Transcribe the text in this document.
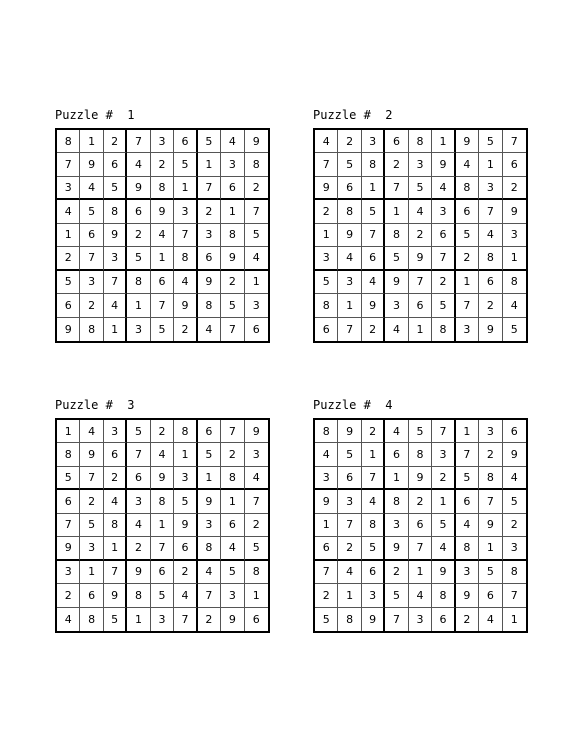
Puzzle #  1
8	1	2	7	3	6	5	4	9
7	9	6	4	2	5	1	3	8
3	4	5	9	8	1	7	6	2
4	5	8	6	9	3	2	1	7
1	6	9	2	4	7	3	8	5
2	7	3	5	1	8	6	9	4
5	3	7	8	6	4	9	2	1
6	2	4	1	7	9	8	5	3
9	8	1	3	5	2	4	7	6
Puzzle #  2
4	2	3	6	8	1	9	5	7
7	5	8	2	3	9	4	1	6
9	6	1	7	5	4	8	3	2
2	8	5	1	4	3	6	7	9
1	9	7	8	2	6	5	4	3
3	4	6	5	9	7	2	8	1
5	3	4	9	7	2	1	6	8
8	1	9	3	6	5	7	2	4
6	7	2	4	1	8	3	9	5
Puzzle #  3
1	4	3	5	2	8	6	7	9
8	9	6	7	4	1	5	2	3
5	7	2	6	9	3	1	8	4
6	2	4	3	8	5	9	1	7
7	5	8	4	1	9	3	6	2
9	3	1	2	7	6	8	4	5
3	1	7	9	6	2	4	5	8
2	6	9	8	5	4	7	3	1
4	8	5	1	3	7	2	9	6
Puzzle #  4
8	9	2	4	5	7	1	3	6
4	5	1	6	8	3	7	2	9
3	6	7	1	9	2	5	8	4
9	3	4	8	2	1	6	7	5
1	7	8	3	6	5	4	9	2
6	2	5	9	7	4	8	1	3
7	4	6	2	1	9	3	5	8
2	1	3	5	4	8	9	6	7
5	8	9	7	3	6	2	4	1
